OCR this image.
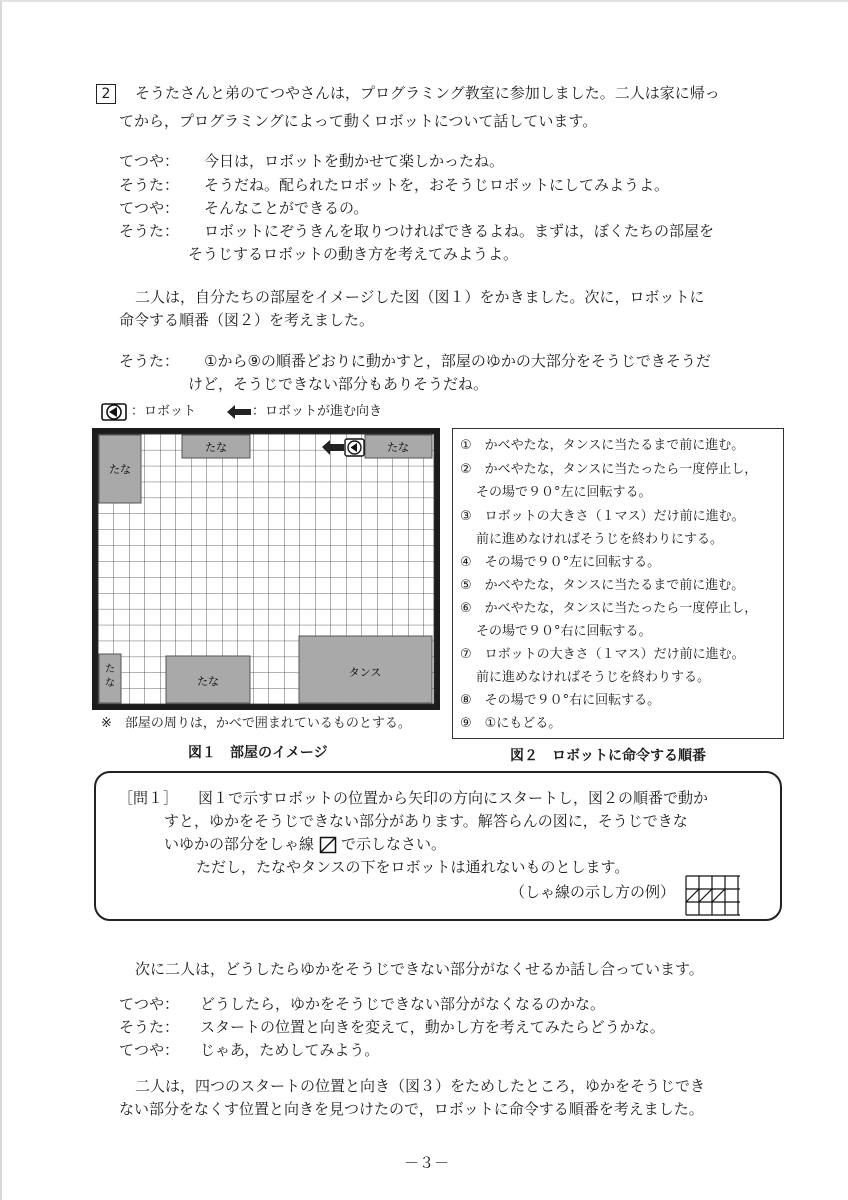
2	そうたさんと弟のてつやさんは，プログラミング教室に参加しました。二人は家に帰っ
てから，プログラミングによって動くロボットについて話しています。
てつや： 今日は，ロボットを動かせて楽しかったね。
そうた： そうだね。配られたロボットを，おそうじロボットにしてみようよ。
てつや： そんなことができるの。
そうた： ロボットにぞうきんを取りつければできるよね。まずは，ぼくたちの部屋を
そうじするロボットの動き方を考えてみようよ。
二人は，自分たちの部屋をイメージした図（図１）をかきました。次に，ロボットに
命令する順番（図２）を考えました。
そうた： ①から⑨の順番どおりに動かすと，部屋のゆかの大部分をそうじできそうだ
けど，そうじできない部分もありそうだね。
：ロボット	：ロボットが進む向き
たな
たな	たな
たな
タンス
た
な
※　部屋の周りは，かべで囲まれているものとする。
図１　部屋のイメージ
①　かべやたな，タンスに当たるまで前に進む。
②　かべやたな，タンスに当たったら一度停止し，
その場で９０°左に回転する。
③　ロボットの大きさ（１マス）だけ前に進む。
前に進めなければそうじを終わりにする。
④　その場で９０°左に回転する。
⑤　かべやたな，タンスに当たるまで前に進む。
⑥　かべやたな，タンスに当たったら一度停止し，
その場で９０°右に回転する。
⑦　ロボットの大きさ（１マス）だけ前に進む。
前に進めなければそうじを終わりする。
⑧　その場で９０°右に回転する。
⑨　①にもどる。
図２　ロボットに命令する順番
［問１］ 図１で示すロボットの位置から矢印の方向にスタートし，図２の順番で動か
すと，ゆかをそうじできない部分があります。解答らんの図に，そうじできな
いゆかの部分をしゃ線 で示しなさい。
ただし，たなやタンスの下をロボットは通れないものとします。
（しゃ線の示し方の例）
次に二人は，どうしたらゆかをそうじできない部分がなくせるか話し合っています。
てつや： どうしたら，ゆかをそうじできない部分がなくなるのかな。
そうた： スタートの位置と向きを変えて，動かし方を考えてみたらどうかな。
てつや： じゃあ，ためしてみよう。
二人は，四つのスタートの位置と向き（図３）をためしたところ，ゆかをそうじでき
ない部分をなくす位置と向きを見つけたので，ロボットに命令する順番を考えました。
－３－
